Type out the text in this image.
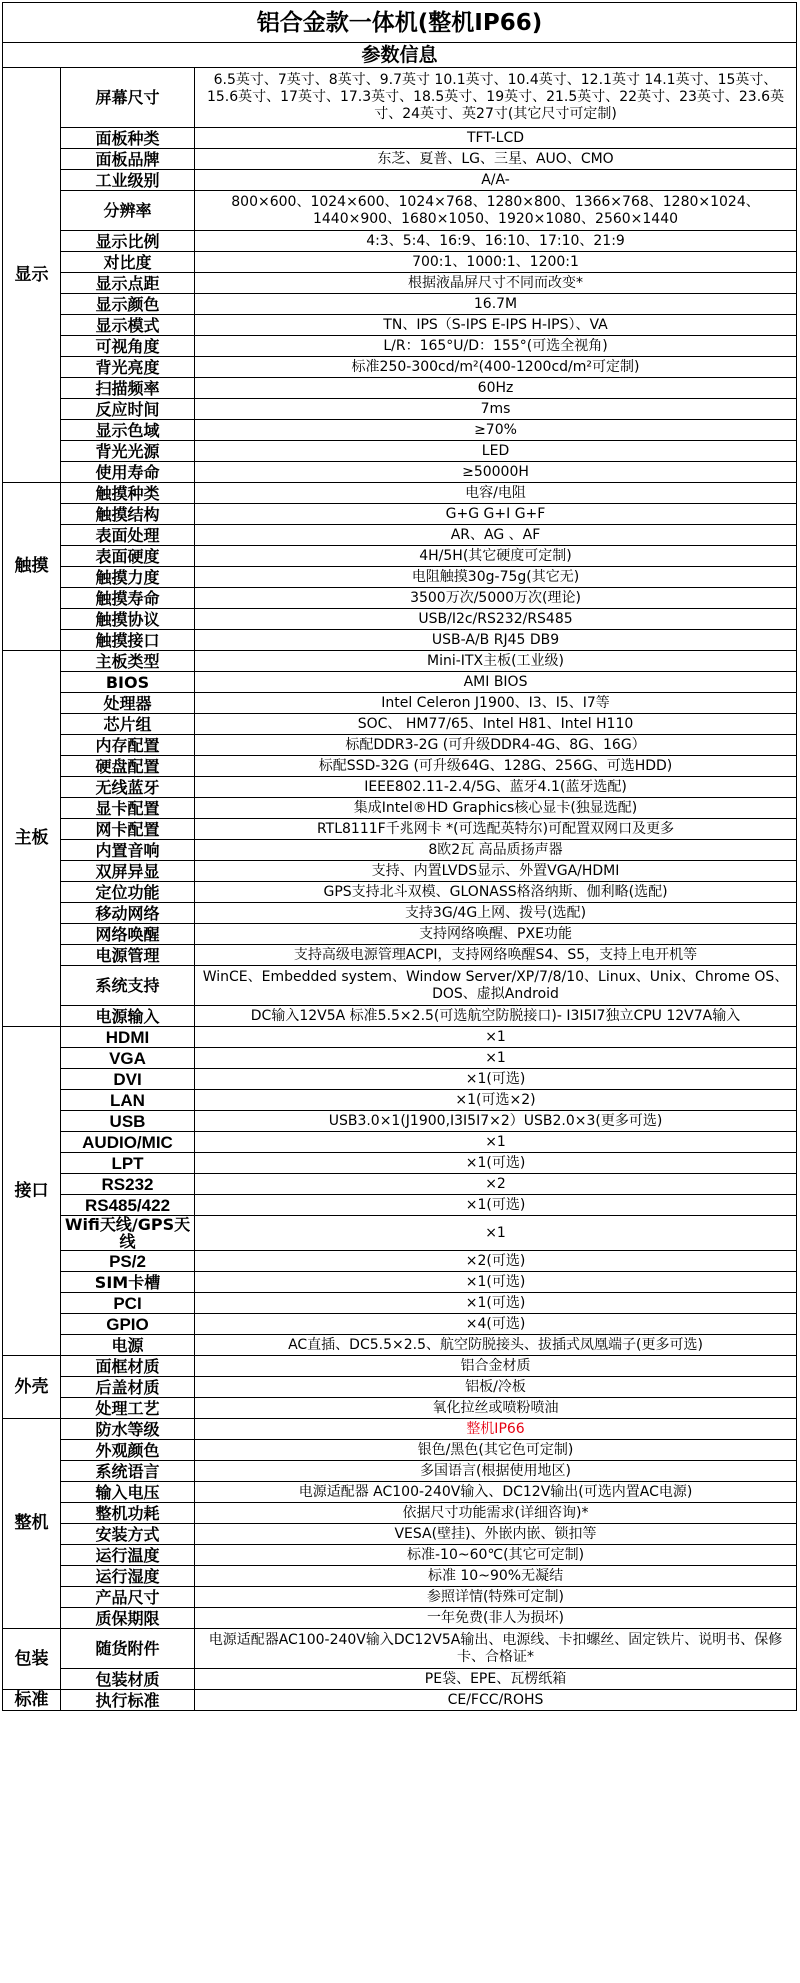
铝合金款一体机(整机IP66)		
参数信息		
显示	屏幕尺寸	6.5英寸、7英寸、8英寸、9.7英寸 10.1英寸、10.4英寸、12.1英寸 14.1英寸、15英寸、15.6英寸、17英寸、17.3英寸、18.5英寸、19英寸、21.5英寸、22英寸、23英寸、23.6英寸、24英寸、英27寸(其它尺寸可定制)
	面板种类	TFT-LCD
	面板品牌	东芝、夏普、LG、三星、AUO、CMO
	工业级别	A/A-
	分辨率	800×600、1024×600、1024×768、1280×800、1366×768、1280×1024、1440×900、1680×1050、1920×1080、2560×1440
	显示比例	4:3、5:4、16:9、16:10、17:10、21:9
	对比度	700:1、1000:1、1200:1
	显示点距	根据液晶屏尺寸不同而改变*
	显示颜色	16.7M
	显示模式	TN、IPS（S-IPS E-IPS H-IPS）、VA
	可视角度	L/R：165°U/D：155°(可选全视角)
	背光亮度	标准250-300cd/m²(400-1200cd/m²可定制)
	扫描频率	60Hz
	反应时间	7ms
	显示色域	≥70%
	背光光源	LED
	使用寿命	≥50000H
触摸	触摸种类	电容/电阻
	触摸结构	G+G G+I G+F
	表面处理	AR、AG 、AF
	表面硬度	4H/5H(其它硬度可定制)
	触摸力度	电阻触摸30g-75g(其它无)
	触摸寿命	3500万次/5000万次(理论)
	触摸协议	USB/I2c/RS232/RS485
	触摸接口	USB-A/B RJ45 DB9
主板	主板类型	Mini-ITX主板(工业级)
	BIOS	AMI BIOS
	处理器	Intel Celeron J1900、I3、I5、I7等
	芯片组	SOC、 HM77/65、Intel H81、Intel H110
	内存配置	标配DDR3-2G (可升级DDR4-4G、8G、16G）
	硬盘配置	标配SSD-32G (可升级64G、128G、256G、可选HDD)
	无线蓝牙	IEEE802.11-2.4/5G、蓝牙4.1(蓝牙选配)
	显卡配置	集成Intel®HD Graphics核心显卡(独显选配)
	网卡配置	RTL8111F千兆网卡 *(可选配英特尔)可配置双网口及更多
	内置音响	8欧2瓦 高品质扬声器
	双屏异显	支持、内置LVDS显示、外置VGA/HDMI
	定位功能	GPS支持北斗双模、GLONASS格洛纳斯、伽利略(选配)
	移动网络	支持3G/4G上网、拨号(选配)
	网络唤醒	支持网络唤醒、PXE功能
	电源管理	支持高级电源管理ACPI，支持网络唤醒S4、S5，支持上电开机等
	系统支持	WinCE、Embedded system、Window Server/XP/7/8/10、Linux、Unix、Chrome OS、DOS、虚拟Android
	电源输入	DC输入12V5A 标准5.5×2.5(可选航空防脱接口)- I3I5I7独立CPU 12V7A输入
接口	HDMI	×1
	VGA	×1
	DVI	×1(可选)
	LAN	×1(可选×2)
	USB	USB3.0×1(J1900,I3I5I7×2）USB2.0×3(更多可选)
	AUDIO/MIC	×1
	LPT	×1(可选)
	RS232	×2
	RS485/422	×1(可选)
	Wifi天线/GPS天线	×1
	PS/2	×2(可选)
	SIM卡槽	×1(可选)
	PCI	×1(可选)
	GPIO	×4(可选)
	电源	AC直插、DC5.5×2.5、航空防脱接头、拔插式凤凰端子(更多可选)
外壳	面框材质	铝合金材质
	后盖材质	铝板/冷板
	处理工艺	氧化拉丝或喷粉喷油
整机	防水等级	整机IP66
	外观颜色	银色/黑色(其它色可定制)
	系统语言	多国语言(根据使用地区)
	输入电压	电源适配器 AC100-240V输入、DC12V输出(可选内置AC电源)
	整机功耗	依据尺寸功能需求(详细咨询)*
	安装方式	VESA(壁挂)、外嵌内嵌、锁扣等
	运行温度	标准-10~60℃(其它可定制)
	运行湿度	标准 10~90%无凝结
	产品尺寸	参照详情(特殊可定制)
	质保期限	一年免费(非人为损坏)
包装	随货附件	电源适配器AC100-240V输入DC12V5A输出、电源线、卡扣螺丝、固定铁片、说明书、保修卡、合格证*
	包装材质	PE袋、EPE、瓦楞纸箱
标准	执行标准	CE/FCC/ROHS
